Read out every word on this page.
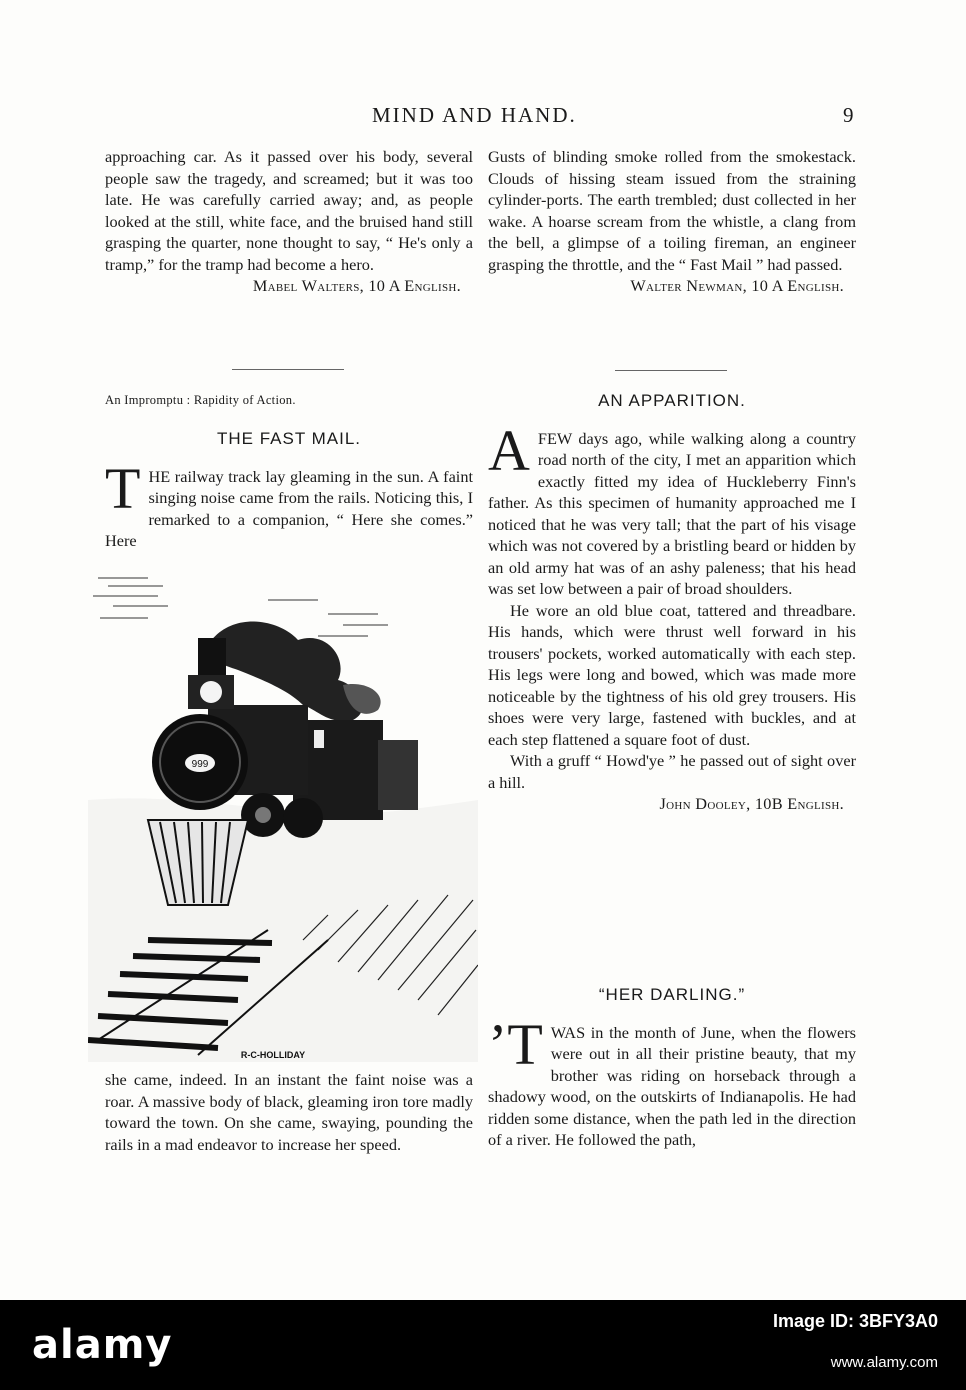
MIND AND HAND.	9

approaching car. As it passed over his body, several people saw the tragedy, and screamed; but it was too late. He was carefully carried away; and, as people looked at the still, white face, and the bruised hand still grasping the quarter, none thought to say, “ He's only a tramp,” for the tramp had become a hero.

Mabel Walters, 10 A English.

An Impromptu : Rapidity of Action.

THE FAST MAIL.

THE railway track lay gleaming in the sun. A faint singing noise came from the rails. Noticing this, I remarked to a companion, “ Here she comes.” Here

999
R-C-HOLLIDAY

she came, indeed. In an instant the faint noise was a roar. A massive body of black, gleaming iron tore madly toward the town. On she came, swaying, pounding the rails in a mad endeavor to increase her speed.

Gusts of blinding smoke rolled from the smokestack. Clouds of hissing steam issued from the straining cylinder-ports. The earth trembled; dust collected in her wake. A hoarse scream from the whistle, a clang from the bell, a glimpse of a toiling fireman, an engineer grasping the throttle, and the “ Fast Mail ” had passed.

Walter Newman, 10 A English.

AN APPARITION.

AFEW days ago, while walking along a country road north of the city, I met an apparition which exactly fitted my idea of Huckleberry Finn's father. As this specimen of humanity approached me I noticed that he was very tall; that the part of his visage which was not covered by a bristling beard or hidden by an old army hat was of an ashy paleness; that his head was set low between a pair of broad shoulders.

He wore an old blue coat, tattered and threadbare. His hands, which were thrust well forward in his trousers' pockets, worked automatically with each step. His legs were long and bowed, which was made more noticeable by the tightness of his old grey trousers. His shoes were very large, fastened with buckles, and at each step flattened a square foot of dust.

With a gruff “ Howd'ye ” he passed out of sight over a hill.

John Dooley, 10B English.

“HER DARLING.”

’T WAS in the month of June, when the flowers were out in all their pristine beauty, that my brother was riding on horseback through a shadowy wood, on the outskirts of Indianapolis. He had ridden some distance, when the path led in the direction of a river. He followed the path,

alamy
Image ID: 3BFY3A0
www.alamy.com
